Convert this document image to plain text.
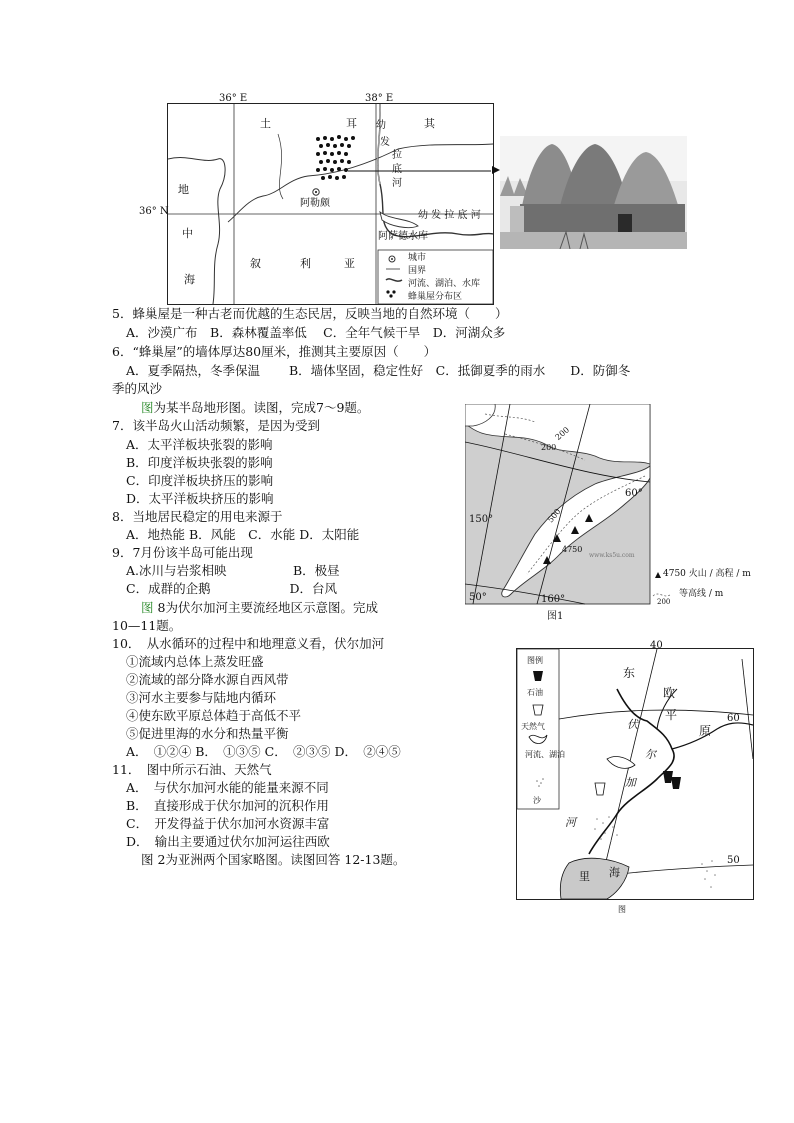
土	耳	其
地
中
海
叙	利	亚
幼
发
拉
底
河
幼 发 拉 底 河
阿勒颇
阿萨德水库
城市
国界
河流、湖泊、水库
蜂巢屋分布区
36° E	38° E
36° N
5．蜂巢屋是一种古老而优越的生态民居，反映当地的自然环境（　　）
A．沙漠广布　B．森林覆盖率低　 C．全年气候干旱　D．河湖众多
6．“蜂巢屋”的墙体厚达80厘米，推测其主要原因（　　）
A．夏季隔热，冬季保温　　 B．墙体坚固，稳定性好　C．抵御夏季的雨水　　D．防御冬
季的风沙
图为某半岛地形图。读图，完成7～9题。
7．该半岛火山活动频繁，是因为受到
A．太平洋板块张裂的影响
B．印度洋板块张裂的影响
C．印度洋板块挤压的影响
D．太平洋板块挤压的影响
8．当地居民稳定的用电来源于
A．地热能 B．风能　C．水能 D．太阳能
9．7月份该半岛可能出现
A.冰川与岩浆相映　　　　　 B．极昼
C．成群的企鹅　　　　　　 D．台风
图 8为伏尔加河主要流经地区示意图。完成
10—11题。
10．　从水循环的过程中和地理意义看，伏尔加河
①流域内总体上蒸发旺盛
②流域的部分降水源自西风带
③河水主要参与陆地内循环
④使东欧平原总体趋于高低不平
⑤促进里海的水分和热量平衡
A．　①②④ B．　①③⑤ C．　②③⑤ D．　②④⑤
11．　图中所示石油、天然气
A．　与伏尔加河水能的能量来源不同
B．　直接形成于伏尔加河的沉积作用
C．　开发得益于伏尔加河水资源丰富
D．　输出主要通过伏尔加河运往西欧
图 2为亚洲两个国家略图。读图回答 12-13题。
200
200
500
60°
150°
160°
50°
4750
www.ks5u.com
4750 火山 / 高程 / m
200
等高线 / m
图1
图例
石油
天然气
河流、湖泊
沙
东
欧
平
原
伏
尔
加
河
里 海
60
50
40
图
